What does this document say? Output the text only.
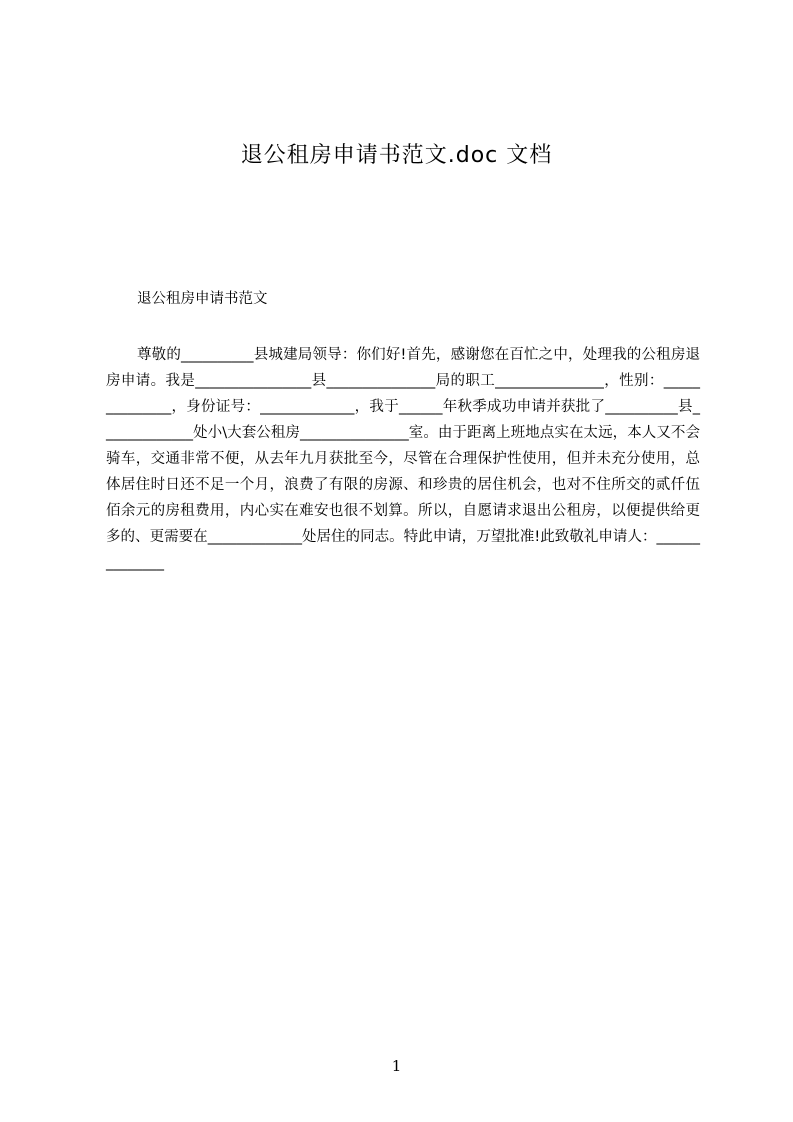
退公租房申请书范文.doc 文档

退公租房申请书范文

尊敬的__________县城建局领导：你们好!首先，感谢您在百忙之中，处理我的公租房退房申请。我是________________县_______________局的职工_______________，性别：______________，身份证号：_____________，我于______年秋季成功申请并获批了__________县_____________处小\大套公租房_______________室。由于距离上班地点实在太远，本人又不会骑车，交通非常不便，从去年九月获批至今，尽管在合理保护性使用，但并未充分使用，总体居住时日还不足一个月，浪费了有限的房源、和珍贵的居住机会，也对不住所交的贰仟伍佰余元的房租费用，内心实在难安也很不划算。所以，自愿请求退出公租房，以便提供给更多的、更需要在_____________处居住的同志。特此申请，万望批准!此致敬礼申请人：______________

1
